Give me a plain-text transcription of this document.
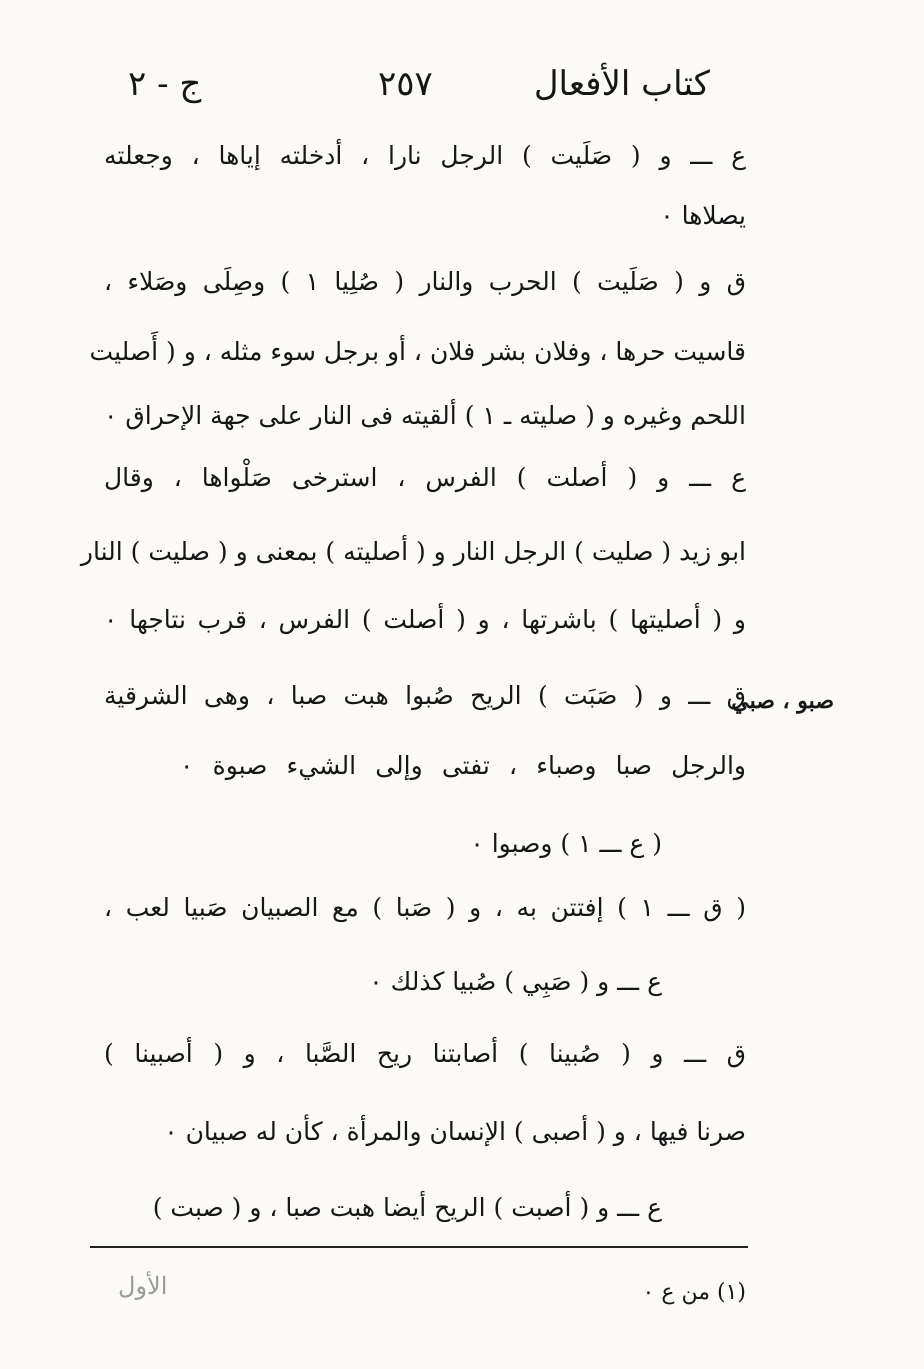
كتاب الأفعال
٢٥٧
ج - ٢
صبو ، صبي
ع ـــ و ( صَلَيت ) الرجل نارا ، أدخلته إياها ، وجعلته
يصلاها ٠
ق و ( صَلَيت ) الحرب والنار ( صُلِيا ١ ) وصِلَى وصَلاء ،
قاسيت حرها ، وفلان بشر فلان ، أو برجل سوء مثله ، و ( أَصليت
اللحم وغيره و ( صليته ـ ١ ) ألقيته فى النار على جهة الإحراق ٠
ع ـــ و ( أصلت ) الفرس ، استرخى صَلْواها ، وقال
ابو زيد ( صليت ) الرجل النار و ( أصليته ) بمعنى و ( صليت ) النار
و ( أصليتها ) باشرتها ، و ( أصلت ) الفرس ، قرب نتاجها ٠
ق ـــ و ( صَبَت ) الريح صُبوا هبت صبا ، وهى الشرقية
والرجل صبا وصباء ، تفتى وإلى الشيء صبوة ٠
( ع ـــ ١ ) وصبوا ٠
( ق ـــ ١ ) إفتتن به ، و ( صَبا ) مع الصبيان صَبيا لعب ،
ع ـــ و ( صَبِي ) صُبيا كذلك ٠
ق ـــ و ( صُبينا ) أصابتنا ريح الصَّبا ، و ( أصبينا )
صرنا فيها ، و ( أصبى ) الإنسان والمرأة ، كأن له صبيان ٠
ع ـــ و ( أصبت ) الريح أيضا هبت صبا ، و ( صبت )
(١) من ع ٠
الأول
